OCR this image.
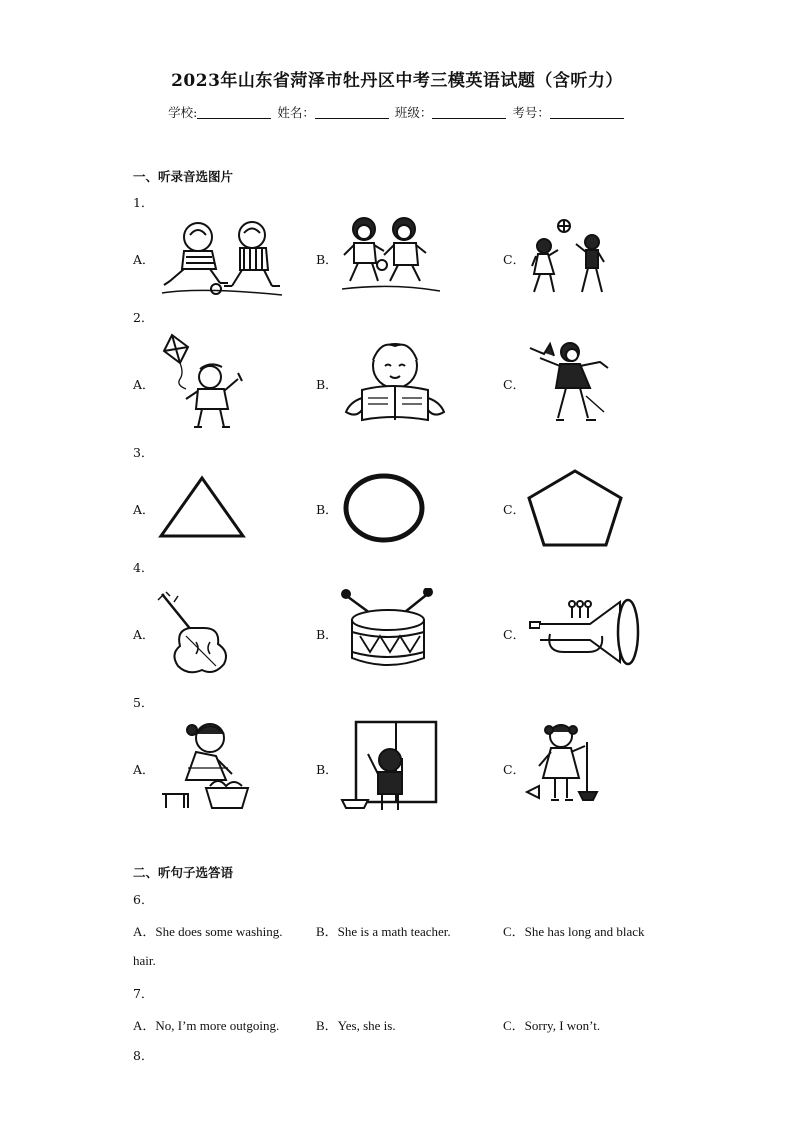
2023年山东省菏泽市牡丹区中考三模英语试题（含听力）
学校:	姓名：	班级：	考号：
一、听录音选图片
1．
A．	B．	C．
2．
A．	B．	C．
3．
A．	B．	C．
4．
A．	B．	C．
5．
A．	B．	C．
二、听句子选答语
6．
A．She does some washing.	B．She is a math teacher.	C．She has long and black
hair.
7．
A．No, I’m more outgoing.	B．Yes, she is.	C．Sorry, I won’t.
8．
